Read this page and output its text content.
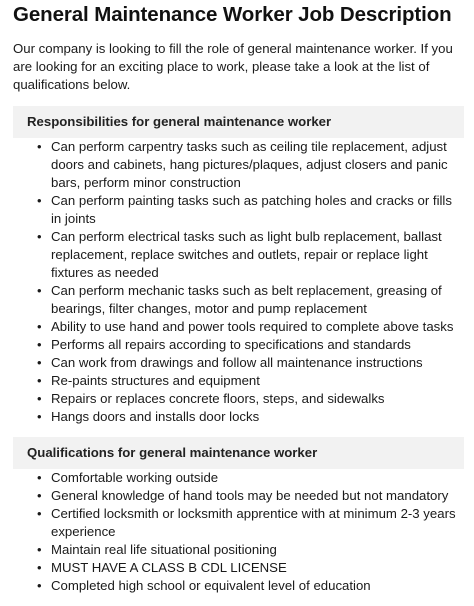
General Maintenance Worker Job Description

Our company is looking to fill the role of general maintenance worker. If you are looking for an exciting place to work, please take a look at the list of qualifications below.

Responsibilities for general maintenance worker
• Can perform carpentry tasks such as ceiling tile replacement, adjust doors and cabinets, hang pictures/plaques, adjust closers and panic bars, perform minor construction
• Can perform painting tasks such as patching holes and cracks or fills in joints
• Can perform electrical tasks such as light bulb replacement, ballast replacement, replace switches and outlets, repair or replace light fixtures as needed
• Can perform mechanic tasks such as belt replacement, greasing of bearings, filter changes, motor and pump replacement
• Ability to use hand and power tools required to complete above tasks
• Performs all repairs according to specifications and standards
• Can work from drawings and follow all maintenance instructions
• Re-paints structures and equipment
• Repairs or replaces concrete floors, steps, and sidewalks
• Hangs doors and installs door locks
Qualifications for general maintenance worker
• Comfortable working outside
• General knowledge of hand tools may be needed but not mandatory
• Certified locksmith or locksmith apprentice with at minimum 2-3 years experience
• Maintain real life situational positioning
• MUST HAVE A CLASS B CDL LICENSE
• Completed high school or equivalent level of education
